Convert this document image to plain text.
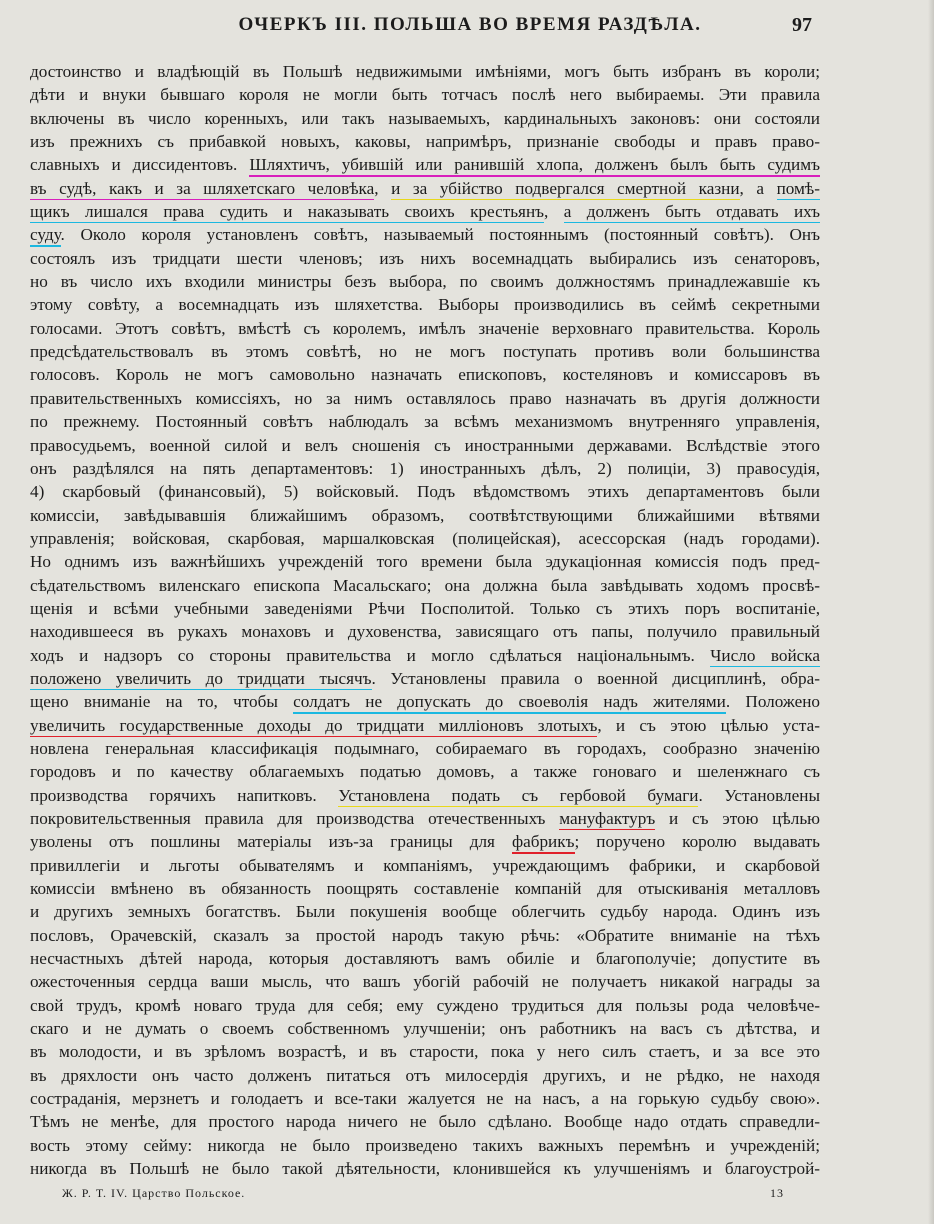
ОЧЕРКЪ III. ПОЛЬША ВО ВРЕМЯ РАЗДѢЛА.	97
достоинство и владѣющій въ Польшѣ недвижимыми имѣніями, могъ быть избранъ въ короли;
дѣти и внуки бывшаго короля не могли быть тотчасъ послѣ него выбираемы. Эти правила
включены въ число коренныхъ, или такъ называемыхъ, кардинальныхъ законовъ: они состояли
изъ прежнихъ съ прибавкой новыхъ, каковы, напримѣръ, признаніе свободы и правъ право-
славныхъ и диссидентовъ. Шляхтичъ, убившій или ранившій хлопа, долженъ былъ быть судимъ
въ судѣ, какъ и за шляхетскаго человѣка, и за убійство подвергался смертной казни, а помѣ-
щикъ лишался права судить и наказывать своихъ крестьянъ, а долженъ быть отдавать ихъ
суду. Около короля установленъ совѣтъ, называемый постояннымъ (постоянный совѣтъ). Онъ
состоялъ изъ тридцати шести членовъ; изъ нихъ восемнадцать выбирались изъ сенаторовъ,
но въ число ихъ входили министры безъ выбора, по своимъ должностямъ принадлежавшіе къ
этому совѣту, а восемнадцать изъ шляхетства. Выборы производились въ сеймѣ секретными
голосами. Этотъ совѣтъ, вмѣстѣ съ королемъ, имѣлъ значеніе верховнаго правительства. Король
предсѣдательствовалъ въ этомъ совѣтѣ, но не могъ поступать противъ воли большинства
голосовъ. Король не могъ самовольно назначать епископовъ, костеляновъ и комиссаровъ въ
правительственныхъ комиссіяхъ, но за нимъ оставлялось право назначать въ другія должности
по прежнему. Постоянный совѣтъ наблюдалъ за всѣмъ механизмомъ внутренняго управленія,
правосудьемъ, военной силой и велъ сношенія съ иностранными державами. Вслѣдствіе этого
онъ раздѣлялся на пять департаментовъ: 1) иностранныхъ дѣлъ, 2) полиціи, 3) правосудія,
4) скарбовый (финансовый), 5) войсковый. Подъ вѣдомствомъ этихъ департаментовъ были
комиссіи, завѣдывавшія ближайшимъ образомъ, соотвѣтствующими ближайшими вѣтвями
управленія; войсковая, скарбовая, маршалковская (полицейская), асессорская (надъ городами).
Но однимъ изъ важнѣйшихъ учрежденій того времени была эдукаціонная комиссія подъ пред-
сѣдательствомъ виленскаго епископа Масальскаго; она должна была завѣдывать ходомъ просвѣ-
щенія и всѣми учебными заведеніями Рѣчи Посполитой. Только съ этихъ поръ воспитаніе,
находившееся въ рукахъ монаховъ и духовенства, зависящаго отъ папы, получило правильный
ходъ и надзоръ со стороны правительства и могло сдѣлаться національнымъ. Число войска
положено увеличить до тридцати тысячъ. Установлены правила о военной дисциплинѣ, обра-
щено вниманіе на то, чтобы солдатъ не допускать до своеволія надъ жителями. Положено
увеличить государственные доходы до тридцати милліоновъ злотыхъ, и съ этою цѣлью уста-
новлена генеральная классификація подымнаго, собираемаго въ городахъ, сообразно значенію
городовъ и по качеству облагаемыхъ податью домовъ, а также гоноваго и шеленжнаго съ
производства горячихъ напитковъ. Установлена подать съ гербовой бумаги. Установлены
покровительственныя правила для производства отечественныхъ мануфактуръ и съ этою цѣлью
уволены отъ пошлины матеріалы изъ-за границы для фабрикъ; поручено королю выдавать
привиллегіи и льготы обывателямъ и компаніямъ, учреждающимъ фабрики, и скарбовой
комиссіи вмѣнено въ обязанность поощрять составленіе компаній для отыскиванія металловъ
и другихъ земныхъ богатствъ. Были покушенія вообще облегчить судьбу народа. Одинъ изъ
пословъ, Орачевскій, сказалъ за простой народъ такую рѣчь: «Обратите вниманіе на тѣхъ
несчастныхъ дѣтей народа, которыя доставляютъ вамъ обиліе и благополучіе; допустите въ
ожесточенныя сердца ваши мысль, что вашъ убогій рабочій не получаетъ никакой награды за
свой трудъ, кромѣ новаго труда для себя; ему суждено трудиться для пользы рода человѣче-
скаго и не думать о своемъ собственномъ улучшеніи; онъ работникъ на васъ съ дѣтства, и
въ молодости, и въ зрѣломъ возрастѣ, и въ старости, пока у него силъ стаетъ, и за все это
въ дряхлости онъ часто долженъ питаться отъ милосердія другихъ, и не рѣдко, не находя
состраданія, мерзнетъ и голодаетъ и все-таки жалуется не на насъ, а на горькую судьбу свою».
Тѣмъ не менѣе, для простого народа ничего не было сдѣлано. Вообще надо отдать справедли-
вость этому сейму: никогда не было произведено такихъ важныхъ перемѣнъ и учрежденій;
никогда въ Польшѣ не было такой дѣятельности, клонившейся къ улучшеніямъ и благоустрой-
Ж. Р. Т. IV. Царство Польское.	13
